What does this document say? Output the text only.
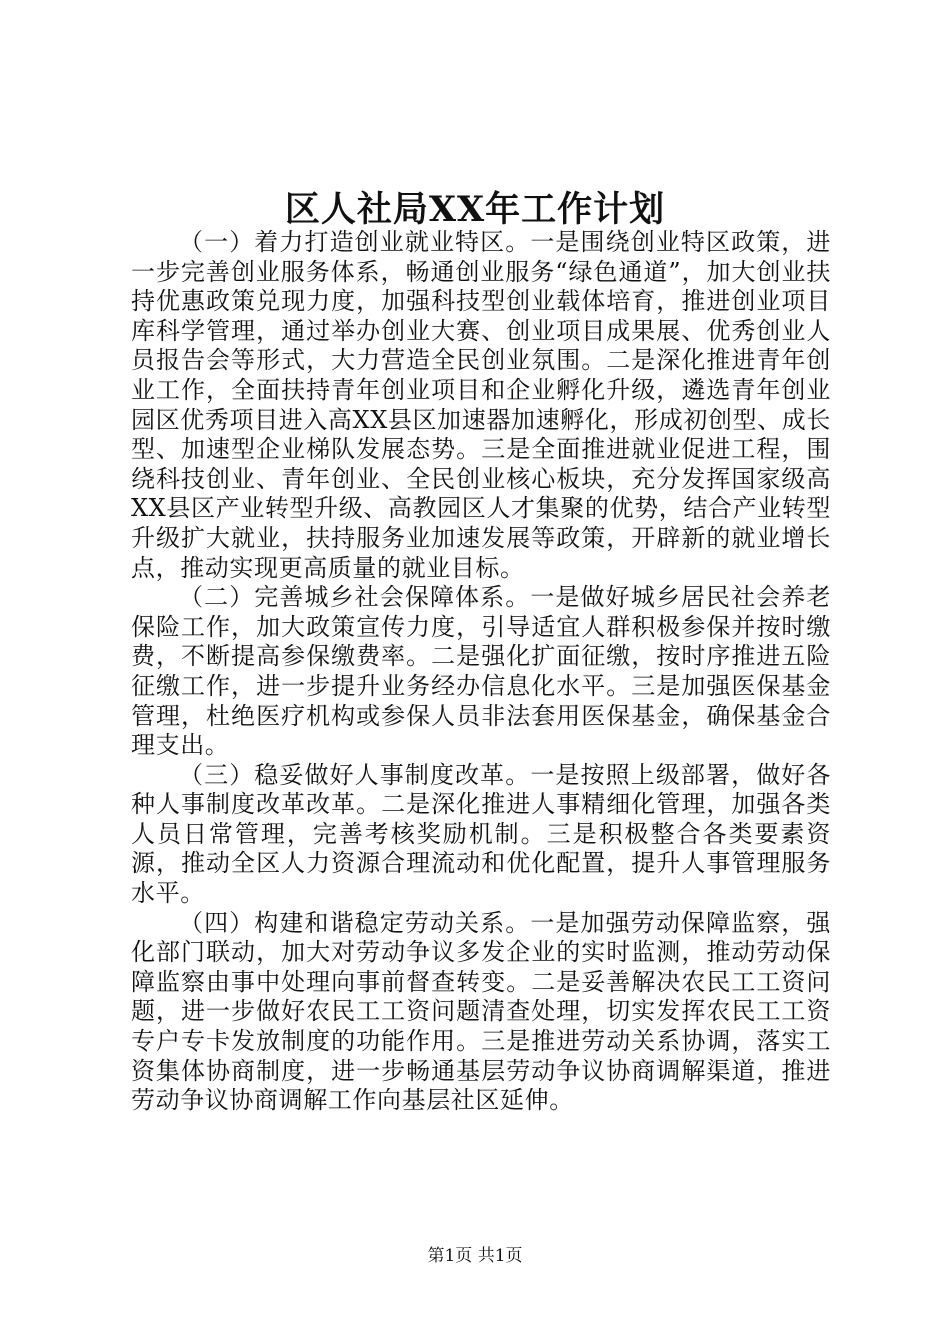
区人社局XX年工作计划

（一）着力打造创业就业特区。一是围绕创业特区政策，进一步完善创业服务体系，畅通创业服务“绿色通道”，加大创业扶持优惠政策兑现力度，加强科技型创业载体培育，推进创业项目库科学管理，通过举办创业大赛、创业项目成果展、优秀创业人员报告会等形式，大力营造全民创业氛围。二是深化推进青年创业工作，全面扶持青年创业项目和企业孵化升级，遴选青年创业园区优秀项目进入高XX县区加速器加速孵化，形成初创型、成长型、加速型企业梯队发展态势。三是全面推进就业促进工程，围绕科技创业、青年创业、全民创业核心板块，充分发挥国家级高XX县区产业转型升级、高教园区人才集聚的优势，结合产业转型升级扩大就业，扶持服务业加速发展等政策，开辟新的就业增长点，推动实现更高质量的就业目标。

（二）完善城乡社会保障体系。一是做好城乡居民社会养老保险工作，加大政策宣传力度，引导适宜人群积极参保并按时缴费，不断提高参保缴费率。二是强化扩面征缴，按时序推进五险征缴工作，进一步提升业务经办信息化水平。三是加强医保基金管理，杜绝医疗机构或参保人员非法套用医保基金，确保基金合理支出。

（三）稳妥做好人事制度改革。一是按照上级部署，做好各种人事制度改革改革。二是深化推进人事精细化管理，加强各类人员日常管理，完善考核奖励机制。三是积极整合各类要素资源，推动全区人力资源合理流动和优化配置，提升人事管理服务水平。

（四）构建和谐稳定劳动关系。一是加强劳动保障监察，强化部门联动，加大对劳动争议多发企业的实时监测，推动劳动保障监察由事中处理向事前督查转变。二是妥善解决农民工工资问题，进一步做好农民工工资问题清查处理，切实发挥农民工工资专户专卡发放制度的功能作用。三是推进劳动关系协调，落实工资集体协商制度，进一步畅通基层劳动争议协商调解渠道，推进劳动争议协商调解工作向基层社区延伸。

第1页 共1页
